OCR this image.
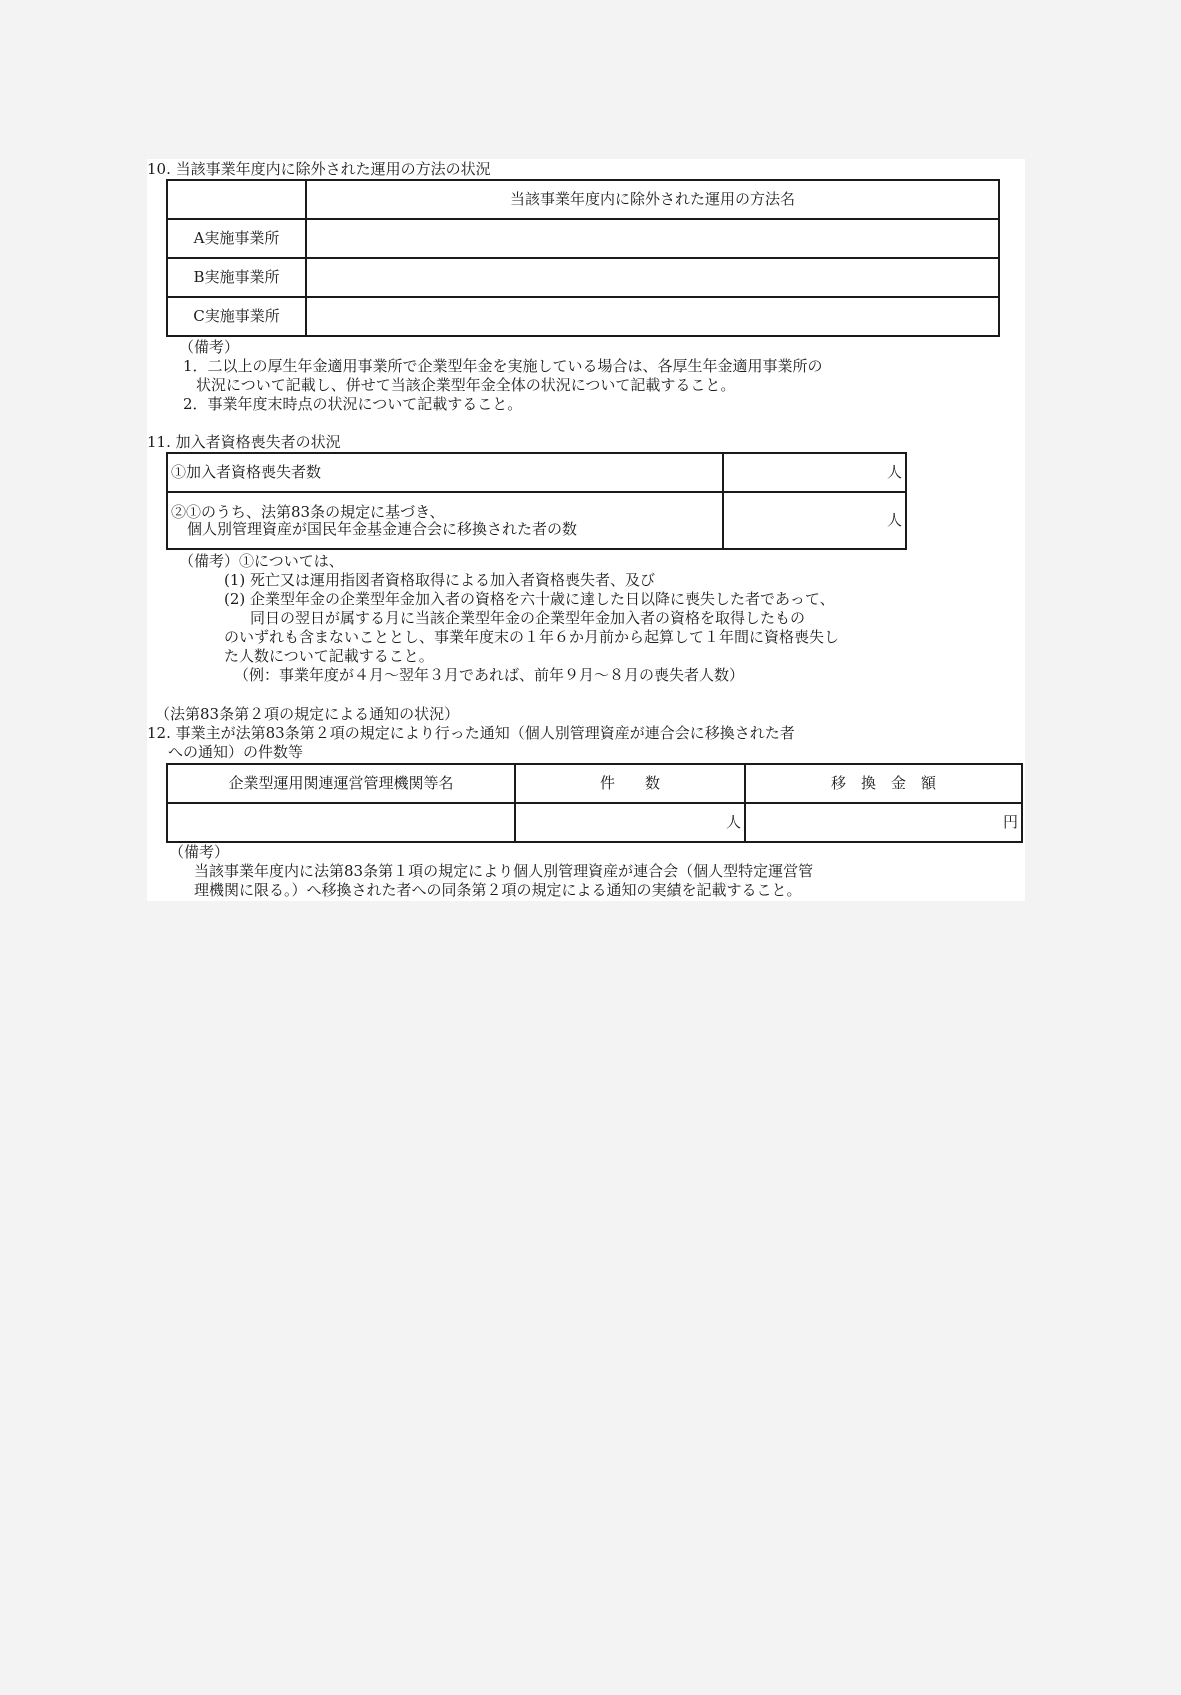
10. 当該事業年度内に除外された運用の方法の状況
	当該事業年度内に除外された運用の方法名
A実施事業所	
B実施事業所	
C実施事業所	
（備考）
1．二以上の厚生年金適用事業所で企業型年金を実施している場合は、各厚生年金適用事業所の
状況について記載し、併せて当該企業型年金全体の状況について記載すること。
2．事業年度末時点の状況について記載すること。
11. 加入者資格喪失者の状況
①加入者資格喪失者数	人

②①のうち、法第83条の規定に基づき、
個人別管理資産が国民年金基金連合会に移換された者の数	人
（備考）①については、
(1) 死亡又は運用指図者資格取得による加入者資格喪失者、及び
(2) 企業型年金の企業型年金加入者の資格を六十歳に達した日以降に喪失した者であって、
同日の翌日が属する月に当該企業型年金の企業型年金加入者の資格を取得したもの
のいずれも含まないこととし、事業年度末の１年６か月前から起算して１年間に資格喪失し
た人数について記載すること。
（例：事業年度が４月～翌年３月であれば、前年９月～８月の喪失者人数）
（法第83条第２項の規定による通知の状況）
12. 事業主が法第83条第２項の規定により行った通知（個人別管理資産が連合会に移換された者
への通知）の件数等
企業型運用関連運営管理機関等名	件　　数	移　換　金　額
	人	円
（備考）
当該事業年度内に法第83条第１項の規定により個人別管理資産が連合会（個人型特定運営管
理機関に限る。）へ移換された者への同条第２項の規定による通知の実績を記載すること。
